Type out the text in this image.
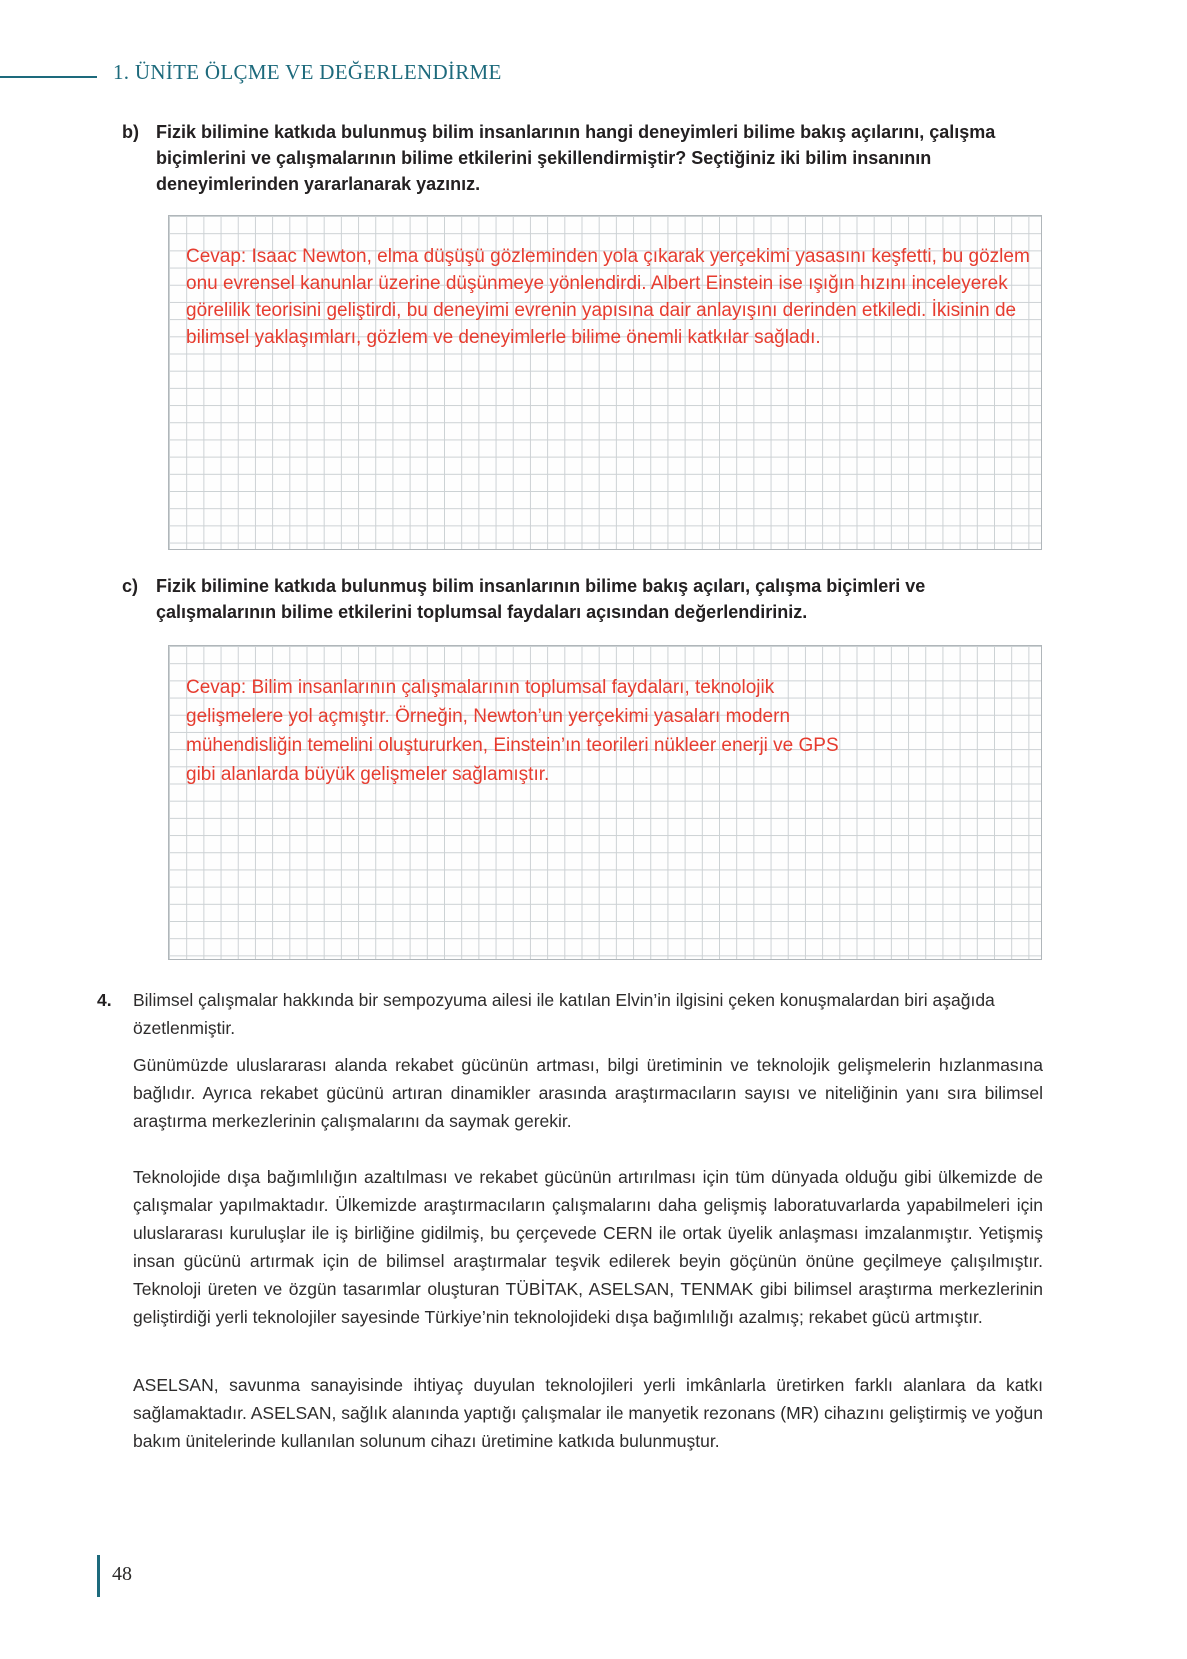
1. ÜNİTE ÖLÇME VE DEĞERLENDİRME
b) Fizik bilimine katkıda bulunmuş bilim insanlarının hangi deneyimleri bilime bakış açılarını, çalışma biçimlerini ve çalışmalarının bilime etkilerini şekillendirmiştir? Seçtiğiniz iki bilim insanının deneyimlerinden yararlanarak yazınız.
Cevap: Isaac Newton, elma düşüşü gözleminden yola çıkarak yerçekimi yasasını keşfetti, bu gözlem
onu evrensel kanunlar üzerine düşünmeye yönlendirdi. Albert Einstein ise ışığın hızını inceleyerek
görelilik teorisini geliştirdi, bu deneyimi evrenin yapısına dair anlayışını derinden etkiledi. İkisinin de
bilimsel yaklaşımları, gözlem ve deneyimlerle bilime önemli katkılar sağladı.
c) Fizik bilimine katkıda bulunmuş bilim insanlarının bilime bakış açıları, çalışma biçimleri ve çalışmalarının bilime etkilerini toplumsal faydaları açısından değerlendiriniz.
Cevap: Bilim insanlarının çalışmalarının toplumsal faydaları, teknolojik
gelişmelere yol açmıştır. Örneğin, Newton’un yerçekimi yasaları modern
mühendisliğin temelini oluştururken, Einstein’ın teorileri nükleer enerji ve GPS
gibi alanlarda büyük gelişmeler sağlamıştır.
4.	Bilimsel çalışmalar hakkında bir sempozyuma ailesi ile katılan Elvin’in ilgisini çeken konuşmalardan biri aşağıda özetlenmiştir.
Günümüzde uluslararası alanda rekabet gücünün artması, bilgi üretiminin ve teknolojik gelişmelerin hızlanmasına bağlıdır. Ayrıca rekabet gücünü artıran dinamikler arasında araştırmacıların sayısı ve niteliğinin yanı sıra bilimsel araştırma merkezlerinin çalışmalarını da saymak gerekir.
Teknolojide dışa bağımlılığın azaltılması ve rekabet gücünün artırılması için tüm dünyada olduğu gibi ülkemizde de çalışmalar yapılmaktadır. Ülkemizde araştırmacıların çalışmalarını daha gelişmiş laboratuvarlarda yapabilmeleri için uluslararası kuruluşlar ile iş birliğine gidilmiş, bu çerçevede CERN ile ortak üyelik anlaşması imzalanmıştır. Yetişmiş insan gücünü artırmak için de bilimsel araştırmalar teşvik edilerek beyin göçünün önüne geçilmeye çalışılmıştır. Teknoloji üreten ve özgün tasarımlar oluşturan TÜBİTAK, ASELSAN, TENMAK gibi bilimsel araştırma merkezlerinin geliştirdiği yerli teknolojiler sayesinde Türkiye’nin teknolojideki dışa bağımlılığı azalmış; rekabet gücü artmıştır.
ASELSAN, savunma sanayisinde ihtiyaç duyulan teknolojileri yerli imkânlarla üretirken farklı alanlara da katkı sağlamaktadır. ASELSAN, sağlık alanında yaptığı çalışmalar ile manyetik rezonans (MR) cihazını geliştirmiş ve yoğun bakım ünitelerinde kullanılan solunum cihazı üretimine katkıda bulunmuştur.
48
